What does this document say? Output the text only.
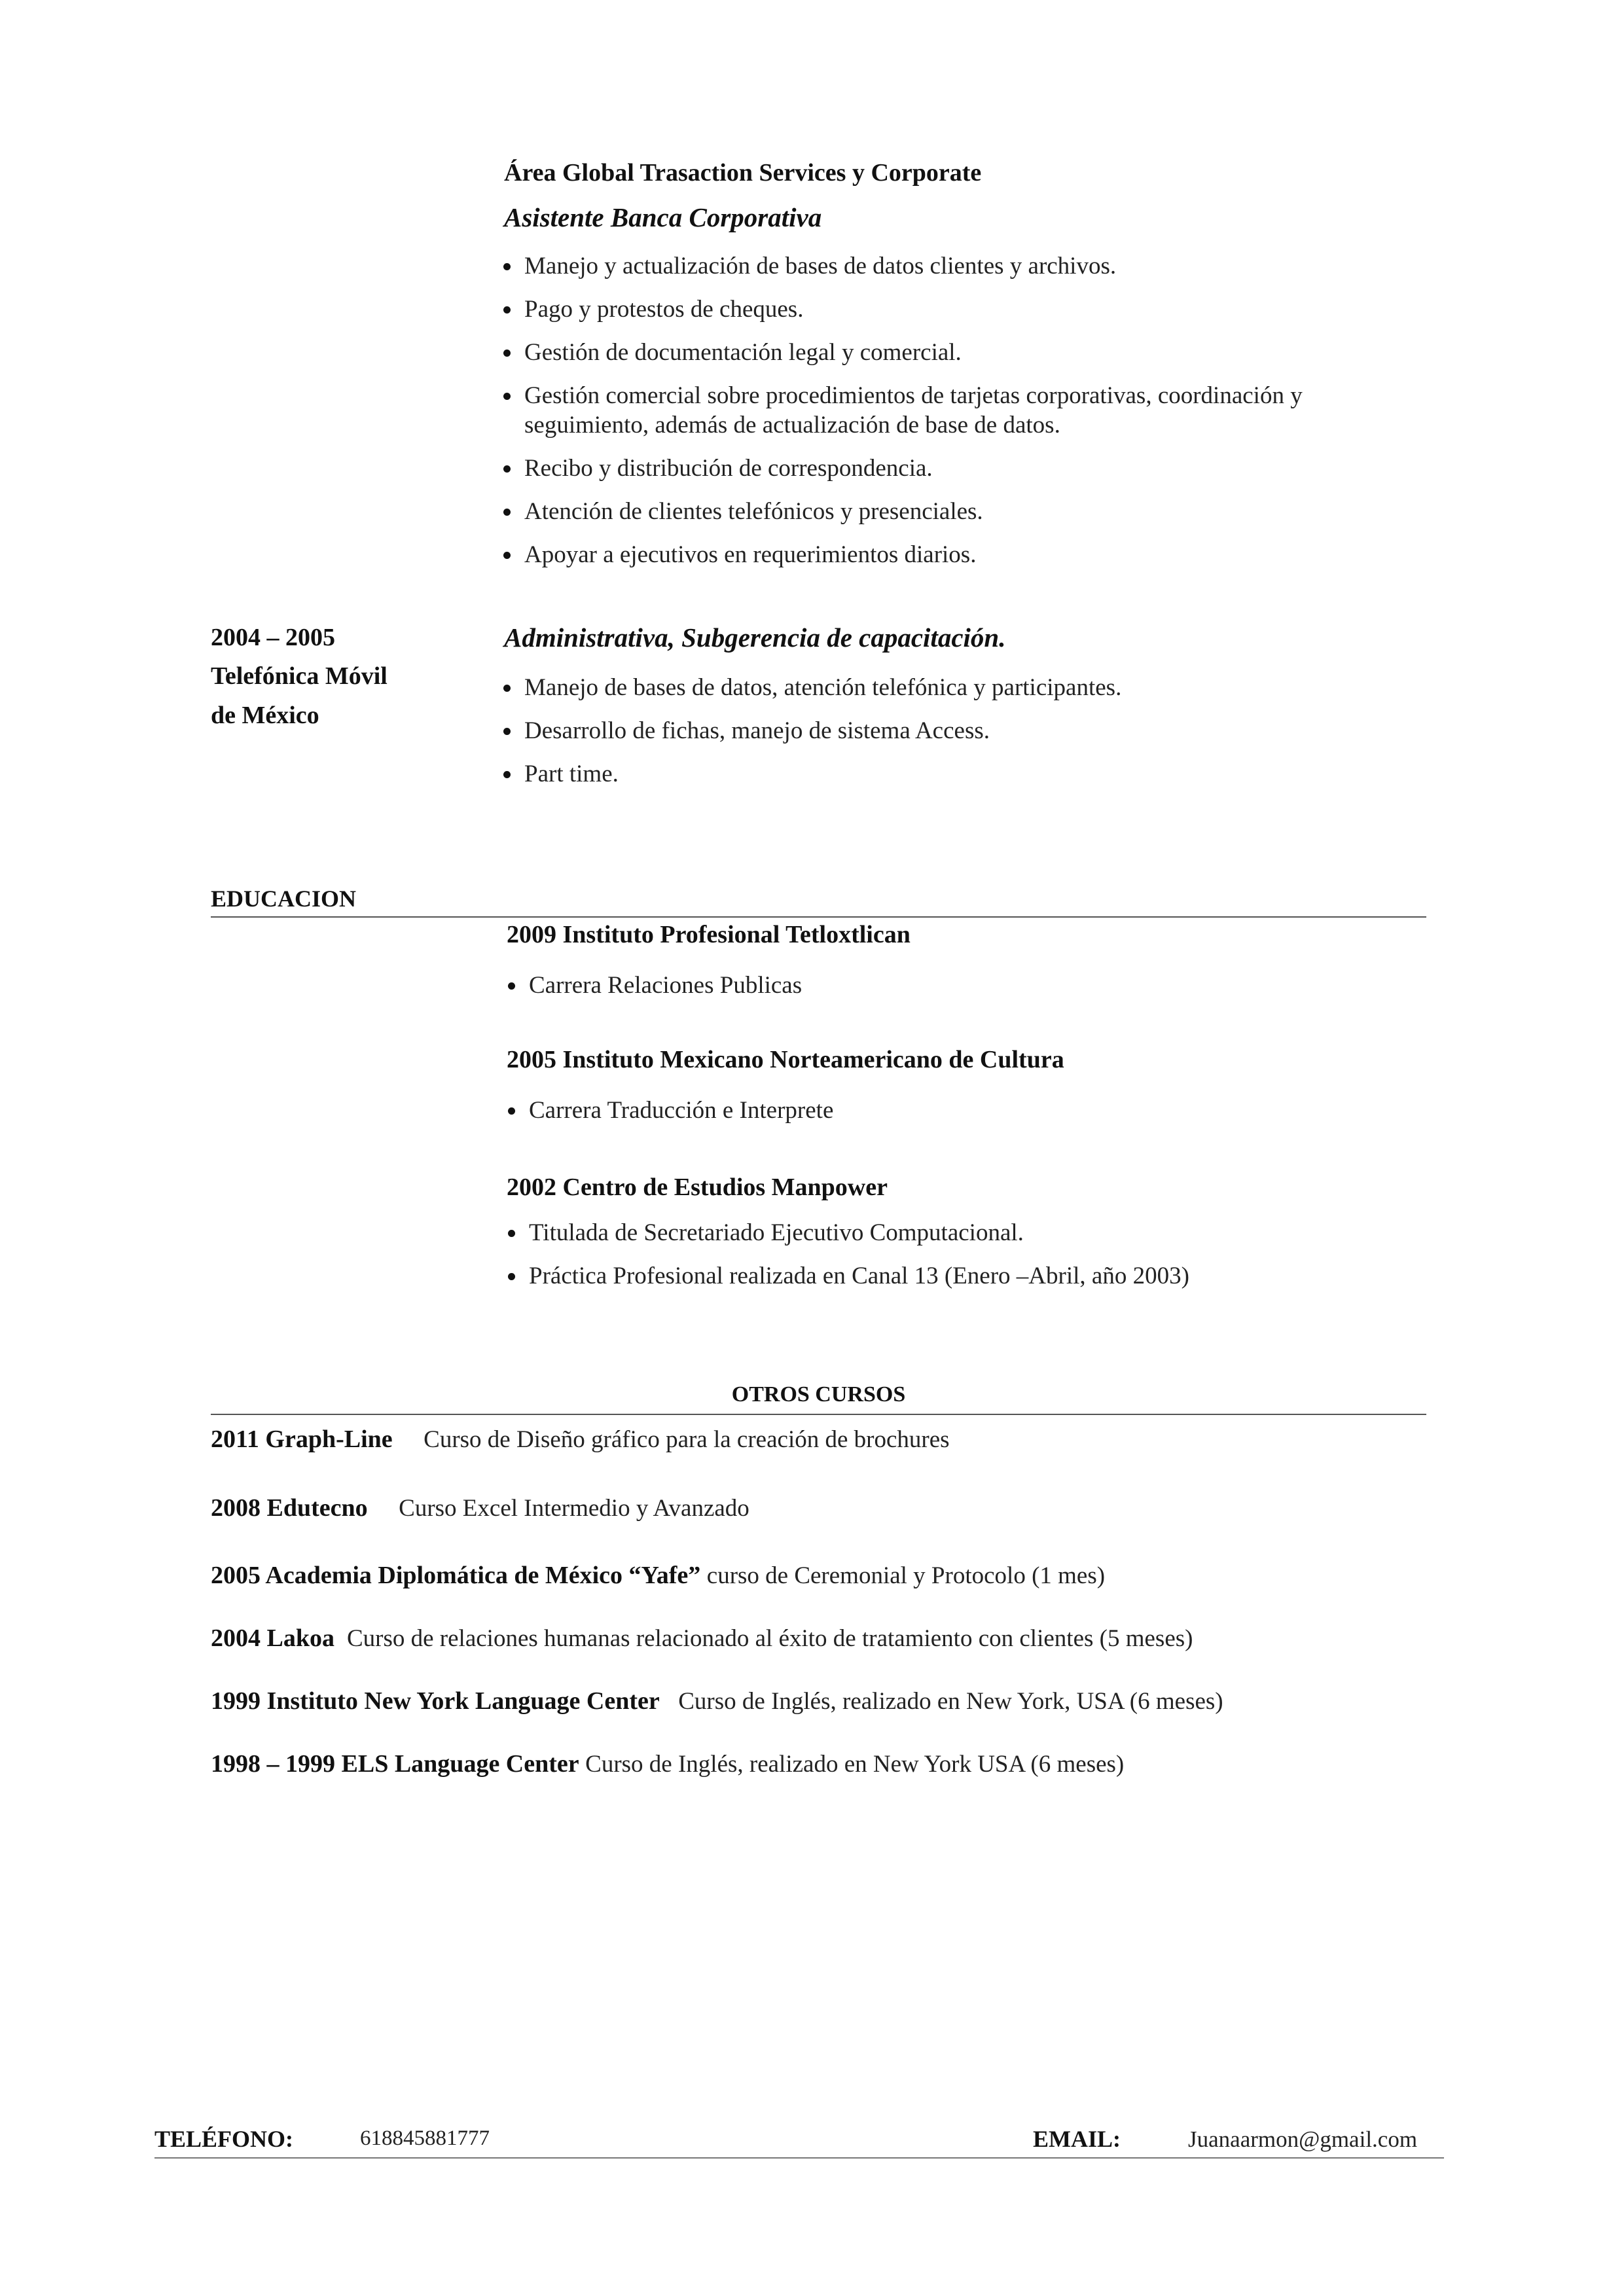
Área Global Trasaction Services y Corporate
Asistente Banca Corporativa
Manejo y actualización de bases de datos clientes y archivos.
Pago y protestos de cheques.
Gestión de documentación legal y comercial.
Gestión comercial sobre procedimientos de tarjetas corporativas, coordinación y
seguimiento, además de actualización de base de datos.
Recibo y distribución de correspondencia.
Atención de clientes telefónicos y presenciales.
Apoyar a ejecutivos en requerimientos diarios.
2004 – 2005
Telefónica Móvil
de México
Administrativa, Subgerencia de capacitación.
Manejo de bases de datos, atención telefónica y participantes.
Desarrollo de fichas, manejo de sistema Access.
Part time.
EDUCACION
2009 Instituto Profesional Tetloxtlican
Carrera Relaciones Publicas
2005 Instituto Mexicano Norteamericano de Cultura
Carrera Traducción e Interprete
2002 Centro de Estudios Manpower
Titulada de Secretariado Ejecutivo Computacional.
Práctica Profesional realizada en Canal 13 (Enero –Abril, año 2003)
OTROS CURSOS
2011 Graph-Line Curso de Diseño gráfico para la creación de brochures
2008 Edutecno Curso Excel Intermedio y Avanzado
2005 Academia Diplomática de México “Yafe” curso de Ceremonial y Protocolo (1 mes)
2004 Lakoa Curso de relaciones humanas relacionado al éxito de tratamiento con clientes (5 meses)
1999 Instituto New York Language Center Curso de Inglés, realizado en New York, USA (6 meses)
1998 – 1999 ELS Language Center Curso de Inglés, realizado en New York USA (6 meses)
TELÉFONO:	618845881777	EMAIL:	Juanaarmon@gmail.com
